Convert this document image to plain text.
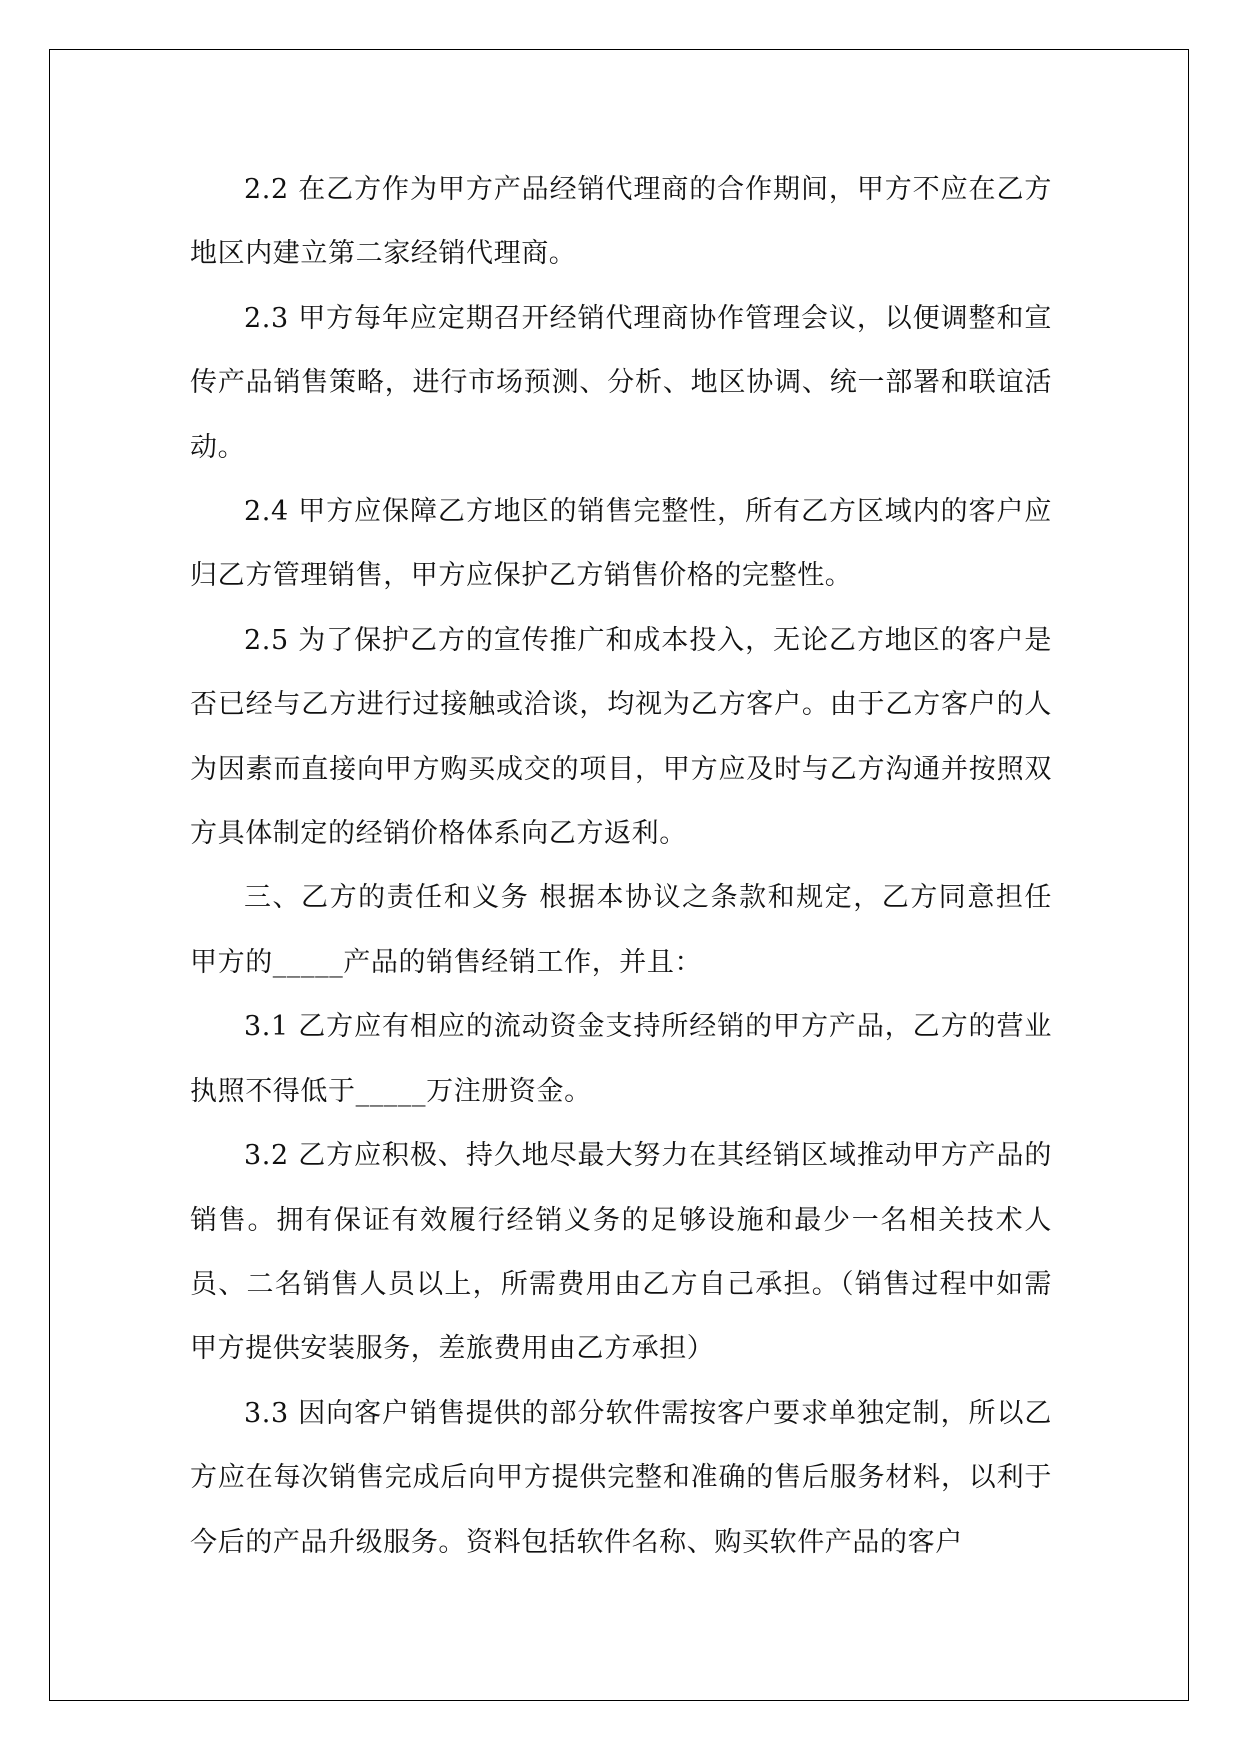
2.2 在乙方作为甲方产品经销代理商的合作期间，甲方不应在乙方地区内建立第二家经销代理商。

2.3 甲方每年应定期召开经销代理商协作管理会议，以便调整和宣传产品销售策略，进行市场预测、分析、地区协调、统一部署和联谊活动。

2.4 甲方应保障乙方地区的销售完整性，所有乙方区域内的客户应归乙方管理销售，甲方应保护乙方销售价格的完整性。

2.5 为了保护乙方的宣传推广和成本投入，无论乙方地区的客户是否已经与乙方进行过接触或洽谈，均视为乙方客户。由于乙方客户的人为因素而直接向甲方购买成交的项目，甲方应及时与乙方沟通并按照双方具体制定的经销价格体系向乙方返利。

三、乙方的责任和义务 根据本协议之条款和规定，乙方同意担任甲方的_____产品的销售经销工作，并且：

3.1 乙方应有相应的流动资金支持所经销的甲方产品，乙方的营业执照不得低于_____万注册资金。

3.2 乙方应积极、持久地尽最大努力在其经销区域推动甲方产品的销售。拥有保证有效履行经销义务的足够设施和最少一名相关技术人员、二名销售人员以上，所需费用由乙方自己承担。（销售过程中如需甲方提供安装服务，差旅费用由乙方承担）

3.3 因向客户销售提供的部分软件需按客户要求单独定制，所以乙方应在每次销售完成后向甲方提供完整和准确的售后服务材料，以利于今后的产品升级服务。资料包括软件名称、购买软件产品的客户
